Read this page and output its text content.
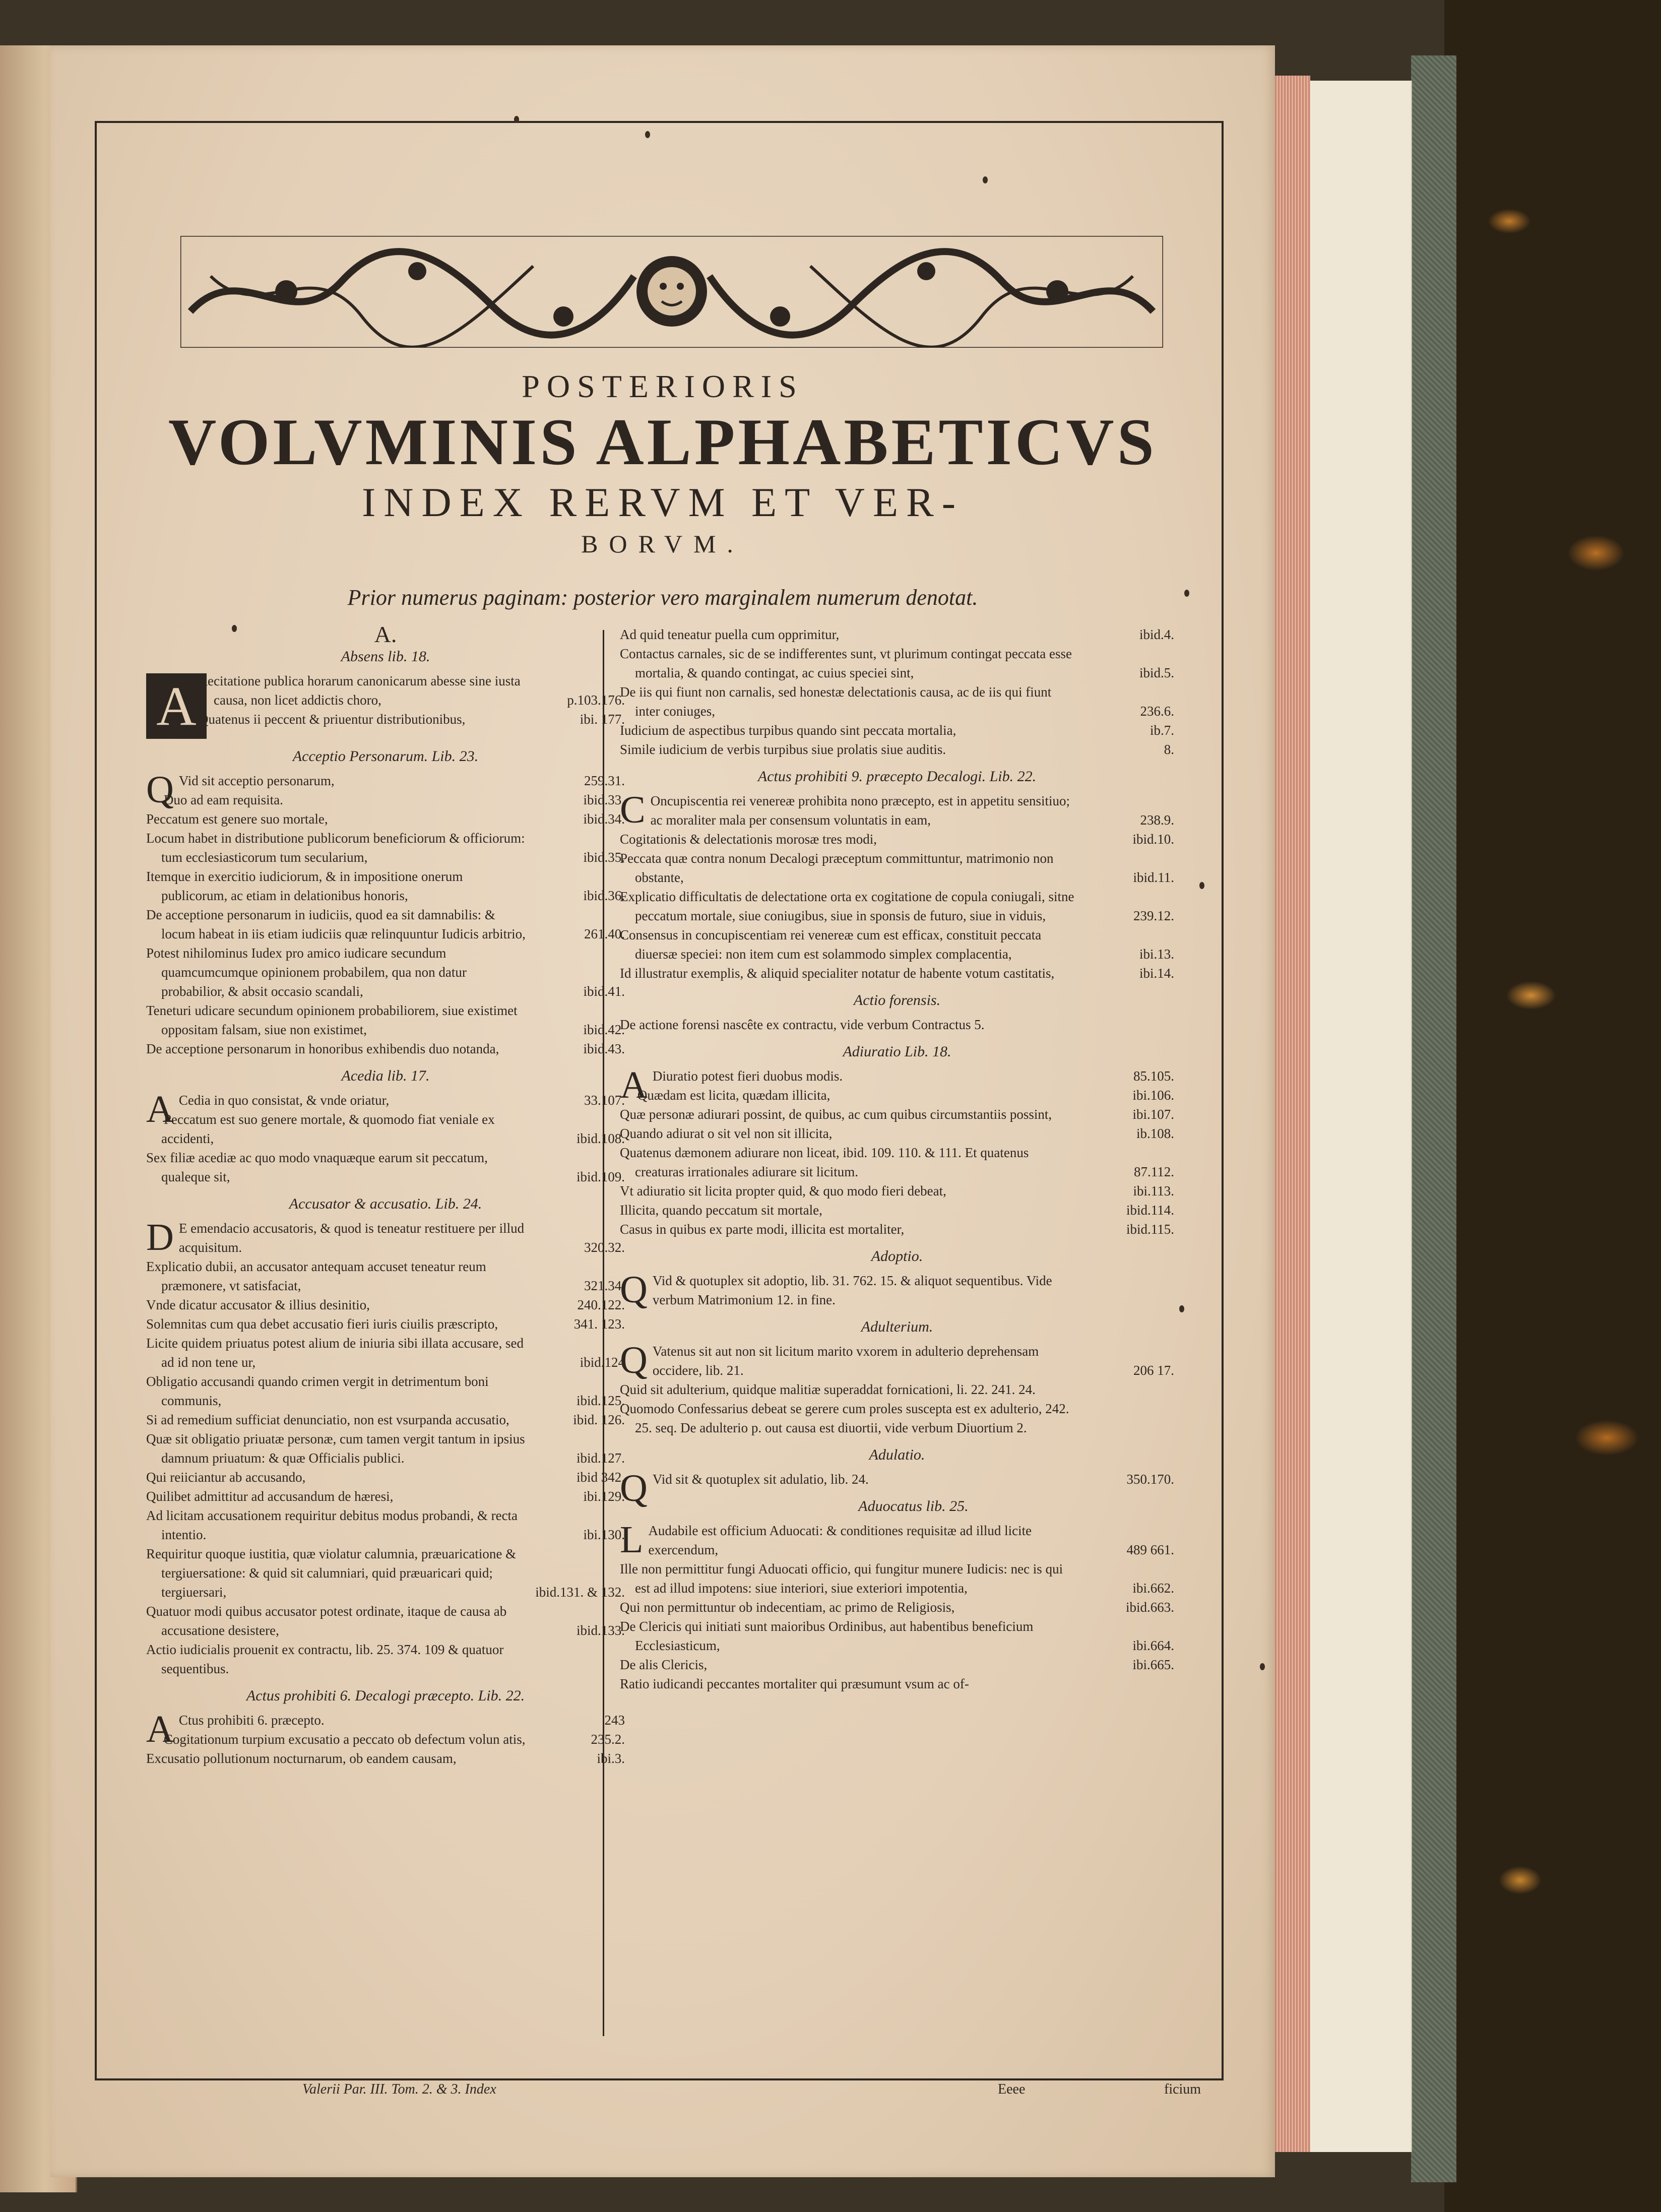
POSTERIORIS
VOLVMINIS ALPHABETICVS
INDEX RERVM ET VER-
BORVM.
Prior numerus paginam: posterior vero marginalem numerum denotat.
A.
Absens lib. 18.
A Recitatione publica horarum canonicarum abesse sine iusta causa, non licet addictis choro,	p.103.176.

Quatenus ii peccent & priuentur distributionibus,	ibi. 177.

Acceptio Personarum. Lib. 23.

QVid sit acceptio personarum,	259.31.

Duo ad eam requisita.	ibid.33.

Peccatum est genere suo mortale,	ibid.34.

Locum habet in distributione publicorum beneficiorum & officiorum: tum ecclesiasticorum tum secularium,	ibid.35.

Itemque in exercitio iudiciorum, & in impositione onerum publicorum, ac etiam in delationibus honoris,	ibid.36.

De acceptione personarum in iudiciis, quod ea sit damnabilis: & locum habeat in iis etiam iudiciis quæ relinquuntur Iudicis arbitrio,	261.40.

Potest nihilominus Iudex pro amico iudicare secundum quamcumcumque opinionem probabilem, qua non datur probabilior, & absit occasio scandali,	ibid.41.

Teneturi udicare secundum opinionem probabiliorem, siue existimet oppositam falsam, siue non existimet,	ibid.42.

De acceptione personarum in honoribus exhibendis duo notanda,	ibid.43.

Acedia lib. 17.

ACedia in quo consistat, & vnde oriatur,	33.107.

Peccatum est suo genere mortale, & quomodo fiat veniale ex accidenti,	ibid.108.

Sex filiæ acediæ ac quo modo vnaquæque earum sit peccatum, qualeque sit,	ibid.109.

Accusator & accusatio. Lib. 24.

DE emendacio accusatoris, & quod is teneatur restituere per illud acquisitum.	320.32.

Explicatio dubii, an accusator antequam accuset teneatur reum præmonere, vt satisfaciat,	321.34.

Vnde dicatur accusator & illius desinitio,	240.122.

Solemnitas cum qua debet accusatio fieri iuris ciuilis præscripto,	341. 123.

Licite quidem priuatus potest alium de iniuria sibi illata accusare, sed ad id non tene ur,	ibid.124

Obligatio accusandi quando crimen vergit in detrimentum boni communis,	ibid.125.

Si ad remedium sufficiat denunciatio, non est vsurpanda accusatio,	ibid. 126.

Quæ sit obligatio priuatæ personæ, cum tamen vergit tantum in ipsius damnum priuatum: & quæ Officialis publici.	ibid.127.

Qui reiiciantur ab accusando,	ibid 342.

Quilibet admittitur ad accusandum de hæresi,	ibi.129.

Ad licitam accusationem requiritur debitus modus probandi, & recta intentio.	ibi.130.

Requiritur quoque iustitia, quæ violatur calumnia, præuaricatione & tergiuersatione: & quid sit calumniari, quid præuaricari quid; tergiuersari,	ibid.131. & 132.

Quatuor modi quibus accusator potest ordinate, itaque de causa ab accusatione desistere,	ibid.133.

Actio iudicialis prouenit ex contractu, lib. 25. 374. 109 & quatuor sequentibus.

Actus prohibiti 6. Decalogi præcepto. Lib. 22.

ACtus prohibiti 6. præcepto.	243

Cogitationum turpium excusatio a peccato ob defectum volun atis,	235.2.

Excusatio pollutionum nocturnarum, ob eandem causam,	ibi.3.

Ad quid teneatur puella cum opprimitur,	ibid.4.

Contactus carnales, sic de se indifferentes sunt, vt plurimum contingat peccata esse mortalia, & quando contingat, ac cuius speciei sint,	ibid.5.

De iis qui fiunt non carnalis, sed honestæ delectationis causa, ac de iis qui fiunt inter coniuges,	236.6.

Iudicium de aspectibus turpibus quando sint peccata mortalia,	ib.7.

Simile iudicium de verbis turpibus siue prolatis siue auditis.	8.

Actus prohibiti 9. præcepto Decalogi. Lib. 22.

COncupiscentia rei venereæ prohibita nono præcepto, est in appetitu sensitiuo; ac moraliter mala per consensum voluntatis in eam,	238.9.

Cogitationis & delectationis morosæ tres modi,	ibid.10.

Peccata quæ contra nonum Decalogi præceptum committuntur, matrimonio non obstante,	ibid.11.

Explicatio difficultatis de delectatione orta ex cogitatione de copula coniugali, sitne peccatum mortale, siue coniugibus, siue in sponsis de futuro, siue in viduis,	239.12.

Consensus in concupiscentiam rei venereæ cum est efficax, constituit peccata diuersæ speciei: non item cum est solammodo simplex complacentia,	ibi.13.

Id illustratur exemplis, & aliquid specialiter notatur de habente votum castitatis,	ibi.14.

Actio forensis.

De actione forensi nascête ex contractu, vide verbum Contractus 5.

Adiuratio Lib. 18.

ADiuratio potest fieri duobus modis.	85.105.

Quædam est licita, quædam illicita,	ibi.106.

Quæ personæ adiurari possint, de quibus, ac cum quibus circumstantiis possint,	ibi.107.

Quando adiurat o sit vel non sit illicita,	ib.108.

Quatenus dæmonem adiurare non liceat, ibid. 109. 110. & 111. Et quatenus creaturas irrationales adiurare sit licitum.	87.112.

Vt adiuratio sit licita propter quid, & quo modo fieri debeat,	ibi.113.

Illicita, quando peccatum sit mortale,	ibid.114.

Casus in quibus ex parte modi, illicita est mortaliter,	ibid.115.

Adoptio.

QVid & quotuplex sit adoptio, lib. 31. 762. 15. & aliquot sequentibus. Vide verbum Matrimonium 12. in fine.

Adulterium.

QVatenus sit aut non sit licitum marito vxorem in adulterio deprehensam occidere, lib. 21.	206 17.

Quid sit adulterium, quidque malitiæ superaddat fornicationi, li. 22. 241. 24.

Quomodo Confessarius debeat se gerere cum proles suscepta est ex adulterio, 242. 25. seq. De adulterio p. out causa est diuortii, vide verbum Diuortium 2.

Adulatio.

QVid sit & quotuplex sit adulatio, lib. 24.	350.170.

Aduocatus lib. 25.

LAudabile est officium Aduocati: & conditiones requisitæ ad illud licite exercendum,	489 661.

Ille non permittitur fungi Aduocati officio, qui fungitur munere Iudicis: nec is qui est ad illud impotens: siue interiori, siue exteriori impotentia,	ibi.662.

Qui non permittuntur ob indecentiam, ac primo de Religiosis,	ibid.663.

De Clericis qui initiati sunt maioribus Ordinibus, aut habentibus beneficium Ecclesiasticum,	ibi.664.

De alis Clericis,	ibi.665.

Ratio iudicandi peccantes mortaliter qui præsumunt vsum ac of-

Valerii Par. III. Tom. 2. & 3. Index	Eeee	ficium
